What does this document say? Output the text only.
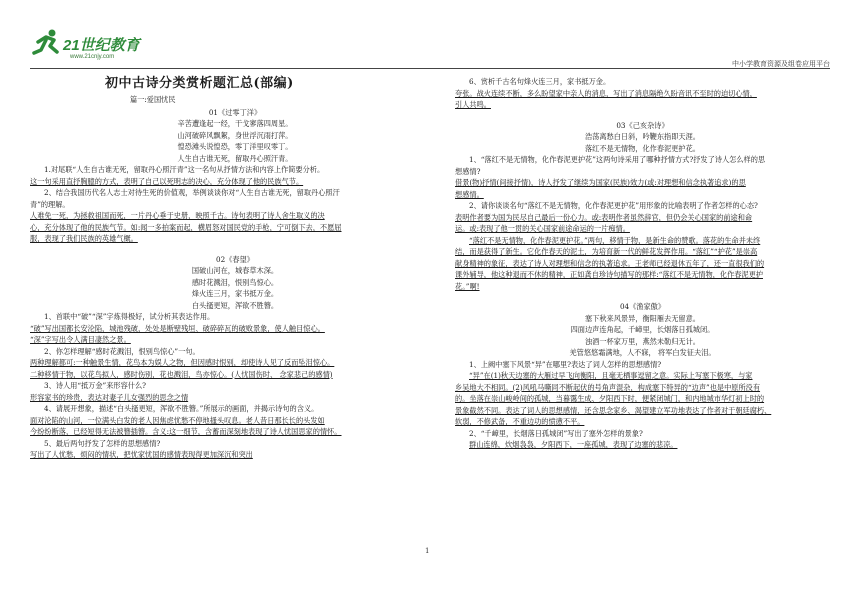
21世纪教育
www.21cnjy.com
中小学教育资源及组卷应用平台
初中古诗分类赏析题汇总(部编)
篇一:爱国忧民
01《过零丁洋》
辛苦遭逢起一经，干戈寥落四周星。
山河破碎风飘絮，身世浮沉雨打萍。
惶恐滩头说惶恐，零丁洋里叹零丁。
人生自古谁无死，留取丹心照汗青。
1.对尾联“人生自古谁无死，留取丹心照汗青”这一名句从抒情方法和内容上作简要分析。
这一句采用直抒胸臆的方式，表明了自己以死明志的决心，充分体现了他的民族气节。
2、结合我国历代名人志士对待生死的价值观，举例谈谈你对“人生自古谁无死，留取丹心照汗
青”的理解。
人难免一死，为拯救祖国而死，一片丹心垂于史册，映照千古。诗句表明了诗人舍生取义的决
心，充分体现了他的民族气节。如:闻一多拍案而起，横眉怒对国民党的手枪，宁可倒下去，不愿屈
服，表现了我们民族的英雄气概。
02《春望》
国破山河在，城春草木深。
感时花溅泪，恨别鸟惊心。
烽火连三月，家书抵万金。
白头搔更短，浑欲不胜簪。
1、首联中“破”“深”字炼得极好，试分析其表达作用。
“破”写出国都长安沦陷，城池残破，处处是断壁残垣、破碎碎瓦的破败景象，使人触目惊心。
“深”字写出令人满目凄然之景。
2、你怎样理解“感时花溅泪，恨别鸟惊心”一句。
两种理解都可:一种触景生情，花鸟本为娱人之物，但因感时恨别，却使诗人见了反而坠泪惊心。
二种移情于物，以花鸟拟人，感时伤别，花也溅泪，鸟亦惊心。(人忧国伤时、 念家悲己的感情)
3、诗人用“抵万金”来形容什么?
形容家书的珍贵，表达对妻子儿女强烈的思念之情
4、请展开想象，描述“白头搔更短，浑欲不胜簪。”所展示的画面，并揭示诗句的含义。
面对沦陷的山河，一位满头白发的老人因焦虑忧愁不停地搔头叹息。老人昔日那长长的头发如
今纷纷断落，已经短得无法被簪插簪。含义:这一细节，含蓄而深刻地表现了诗人忧国思家的情怀。
5、最后两句抒发了怎样的思想感情?
写出了人忧愁，烦闷的情状，把忧家忧国的感情表现得更加深沉和突出
6、赏析千古名句烽火连三月，家书抵万金。
夸张。战火连续不断，多么盼望家中亲人的消息，写出了消息隔绝久盼音讯不至时的迫切心情，
引人共鸣。
03《己亥杂诗》
浩荡离愁白日斜，吟鞭东指即天涯。
落红不是无情物，化作春泥更护花。
1、“落红不是无情物，化作春泥更护花”这两句诗采用了哪种抒情方式?抒发了诗人怎么样的思
想感情?
借景(物)抒情(间接抒情)，诗人抒发了继续为国家(民族)效力(或:对理想和信念执著追求)的思
想感情。
2、请你谈谈名句“落红不是无情物，化作春泥更护花”用形象的比喻表明了作者怎样的心态?
表明作者要为国为民尽自己最后一份心力。或:表明作者虽然辞官，但仍会关心国家的前途和命
运。或:表现了他一贯的关心国家前途命运的一片痴情。
“落红不是无情物，化作春泥更护花。”两句，移情于物，是新生命的赞歌。落花的生命并未终
结，而是获得了新生。它化作春天的泥土，为培育新一代的鲜花发挥作用。“落红”“护花”是崇高
献身精神的象征，表达了诗人对理想和信念的执著追求。王老师已经退休五年了，还一直很我们的
课外辅导，他这种退而不休的精神，正如龚自珍诗句描写的那样:“落红不是无情物，化作春泥更护
花。”啊!
04《渔家傲》
塞下秋来风景异，衡阳雁去无留意。
四面边声连角起，千嶂里，长烟落日孤城闭。
浊酒一杯家万里，燕然未勒归无计。
羌管悠悠霜满地，人不寐， 将军白发征夫泪。
1、上阙中塞下风景“异”在哪里?表达了词人怎样的思想感情?
“异”在(1)秋天边塞的大雁过早飞向衡阳，且毫无栖事逗留之意。实际上写塞下极寒，与家
乡吴地大不相同。(2)风吼马嘶同不断起伏的号角声混杂，构成塞下特异的“边声”也是中原所没有
的。坐落在崇山峻岭间的孤城，当暮霭生成、夕阳西下时，便紧闭城门，和内地城市华灯初上时的
景象截然不同。表达了词人的思想感情，还含思念家乡、渴望建立军功地表达了作者对于朝廷腐朽、
软弱，不修武备，不重边功的愤懑不平。
2、“千嶂里，长烟落日孤城闭”写出了塞外怎样的景象?
群山连绵，炊烟袅袅，夕阳西下，一座孤城，表现了边塞的悲凉。
1
